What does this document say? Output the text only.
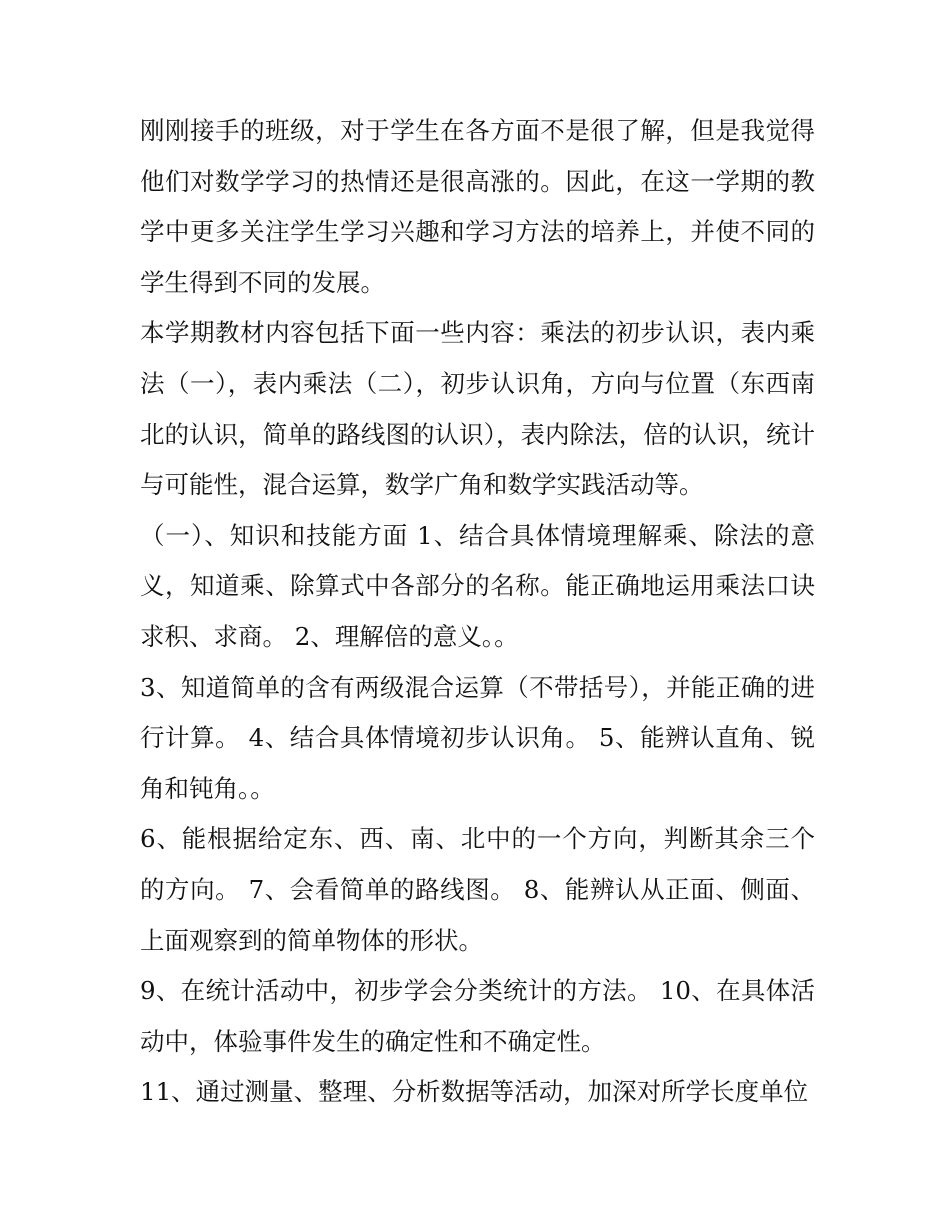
刚刚接手的班级，对于学生在各方面不是很了解，但是我觉得他们对数学学习的热情还是很高涨的。因此，在这一学期的教学中更多关注学生学习兴趣和学习方法的培养上，并使不同的学生得到不同的发展。

本学期教材内容包括下面一些内容：乘法的初步认识，表内乘法（一），表内乘法（二），初步认识角，方向与位置（东西南北的认识，简单的路线图的认识），表内除法，倍的认识，统计与可能性，混合运算，数学广角和数学实践活动等。

（一）、知识和技能方面 1、结合具体情境理解乘、除法的意义，知道乘、除算式中各部分的名称。能正确地运用乘法口诀求积、求商。 2、理解倍的意义。。

3、知道简单的含有两级混合运算（不带括号），并能正确的进行计算。 4、结合具体情境初步认识角。 5、能辨认直角、锐角和钝角。。

6、能根据给定东、西、南、北中的一个方向，判断其余三个的方向。 7、会看简单的路线图。 8、能辨认从正面、侧面、上面观察到的简单物体的形状。

9、在统计活动中，初步学会分类统计的方法。 10、在具体活动中，体验事件发生的确定性和不确定性。

11、通过测量、整理、分析数据等活动，加深对所学长度单位
